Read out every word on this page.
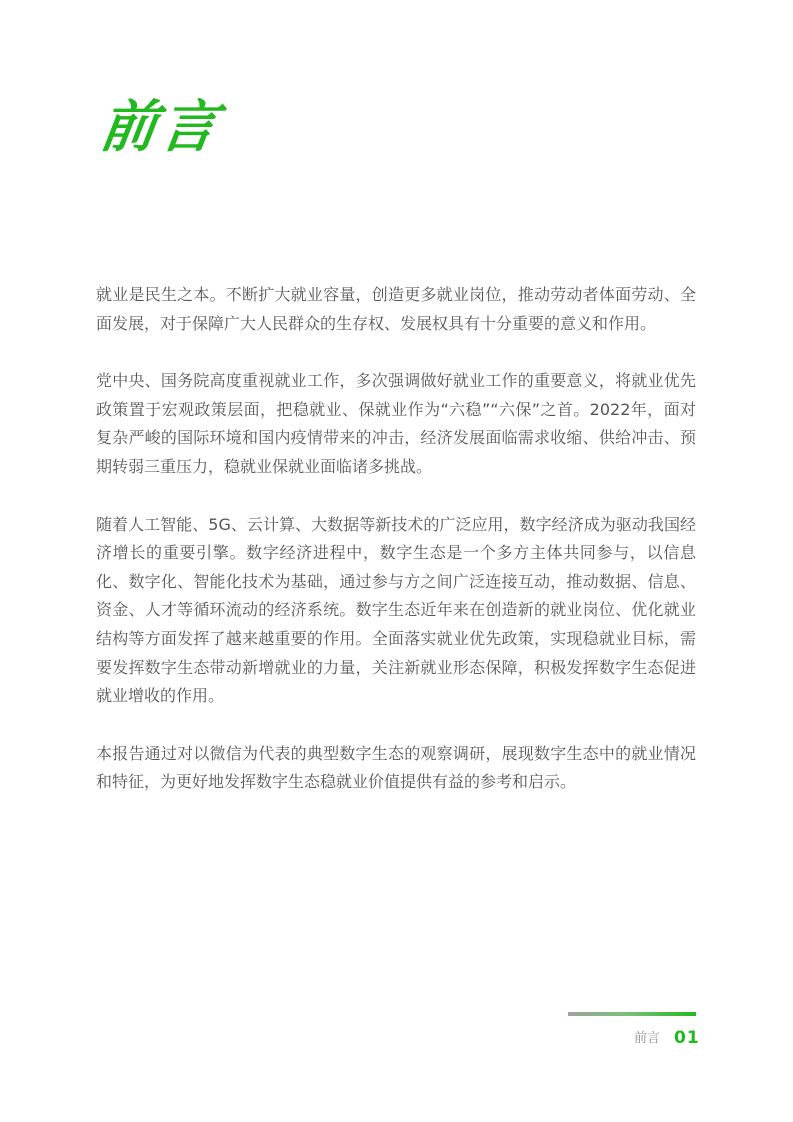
前言

就业是民生之本。不断扩大就业容量，创造更多就业岗位，推动劳动者体面劳动、全面发展，对于保障广大人民群众的生存权、发展权具有十分重要的意义和作用。

党中央、国务院高度重视就业工作，多次强调做好就业工作的重要意义，将就业优先政策置于宏观政策层面，把稳就业、保就业作为“六稳”“六保”之首。2022年，面对复杂严峻的国际环境和国内疫情带来的冲击，经济发展面临需求收缩、供给冲击、预期转弱三重压力，稳就业保就业面临诸多挑战。

随着人工智能、5G、云计算、大数据等新技术的广泛应用，数字经济成为驱动我国经济增长的重要引擎。数字经济进程中，数字生态是一个多方主体共同参与，以信息化、数字化、智能化技术为基础，通过参与方之间广泛连接互动，推动数据、信息、资金、人才等循环流动的经济系统。数字生态近年来在创造新的就业岗位、优化就业结构等方面发挥了越来越重要的作用。全面落实就业优先政策，实现稳就业目标，需要发挥数字生态带动新增就业的力量，关注新就业形态保障，积极发挥数字生态促进就业增收的作用。

本报告通过对以微信为代表的典型数字生态的观察调研，展现数字生态中的就业情况和特征，为更好地发挥数字生态稳就业价值提供有益的参考和启示。

前言 01
